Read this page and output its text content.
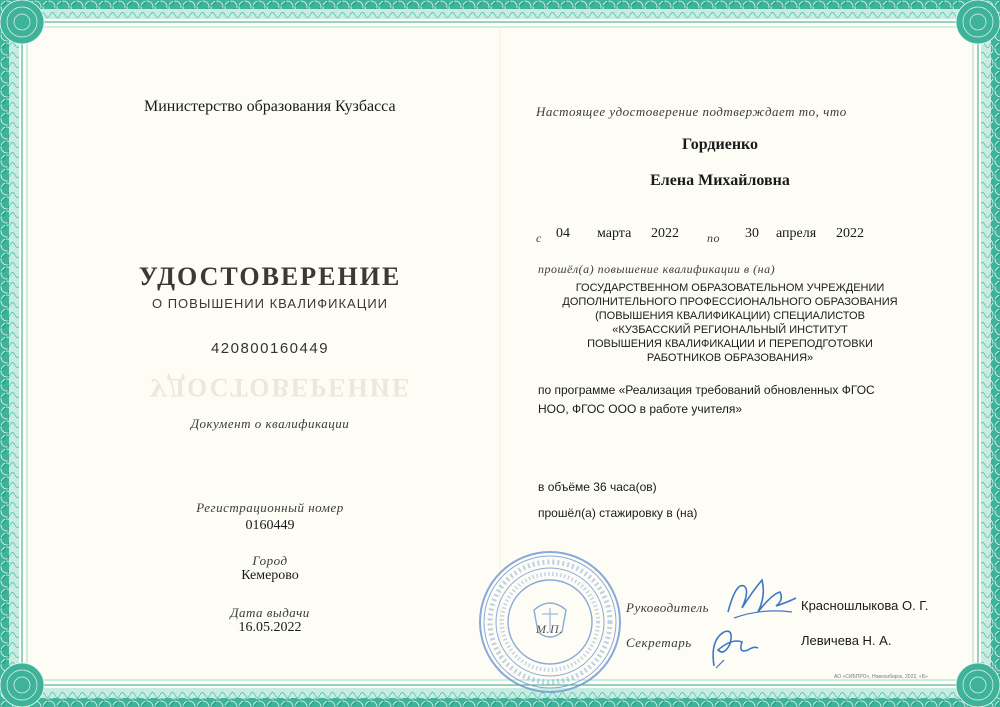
Министерство образования Кузбасса
УДОСТОВЕРЕНИЕ
О ПОВЫШЕНИИ КВАЛИФИКАЦИИ
420800160449
УДОСТОВЕРЕНИЕ
Документ о квалификации
Регистрационный номер
0160449
Город
Кемерово
Дата выдачи
16.05.2022
Настоящее удостоверение подтверждает то, что
Гордиенко
Елена Михайловна
с 04 марта 2022 по 30 апреля 2022
прошёл(а) повышение квалификации в (на)
ГОСУДАРСТВЕННОМ ОБРАЗОВАТЕЛЬНОМ УЧРЕЖДЕНИИ
ДОПОЛНИТЕЛЬНОГО ПРОФЕССИОНАЛЬНОГО ОБРАЗОВАНИЯ
(ПОВЫШЕНИЯ КВАЛИФИКАЦИИ) СПЕЦИАЛИСТОВ
«КУЗБАССКИЙ РЕГИОНАЛЬНЫЙ ИНСТИТУТ
ПОВЫШЕНИЯ КВАЛИФИКАЦИИ И ПЕРЕПОДГОТОВКИ
РАБОТНИКОВ ОБРАЗОВАНИЯ»
по программе «Реализация требований обновленных ФГОС
НОО, ФГОС ООО в работе учителя»
в объёме 36 часа(ов)
прошёл(а) стажировку в (на)
М.П.
Руководитель	Красношлыкова О. Г.
Секретарь	Левичева Н. А.
АО «СИБПРО», Новосибирск, 2022, «Б»
